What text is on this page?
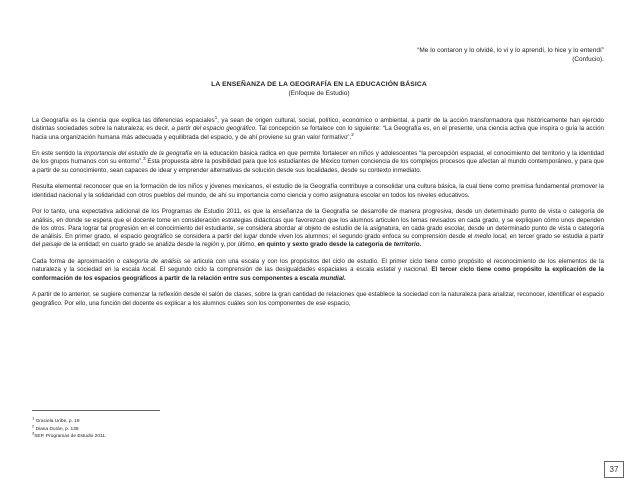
“Me lo contaron y lo olvidé, lo vi y lo aprendí, lo hice y lo entendí”
(Confucio).
LA ENSEÑANZA DE LA GEOGRAFÍA EN LA EDUCACIÓN BÁSICA
(Enfoque de Estudio)

La Geografía es la ciencia que explica las diferencias espaciales$^1$, ya sean de origen cultural, social, político, económico o ambiental, a partir de la acción transformadora que históricamente han ejercido distintas sociedades sobre la naturaleza; es decir, a partir del espacio geográfico. Tal concepción se fortalece con lo siguiente: “La Geografía es, en el presente, una ciencia activa que inspira o guía la acción hacia una organización humana más adecuada y equilibrada del espacio, y de ahí proviene su gran valor formativo”.$^2$

En este sentido la importancia del estudio de la geografía en la educación básica radica en que permite fortalecer en niños y adolescentes “la percepción espacial, el conocimiento del territorio y la identidad de los grupos humanos con su entorno”.$^3$ Esta propuesta abre la posibilidad para que los estudiantes de México tomen conciencia de los complejos procesos que afectan al mundo contemporáneo, y para que a partir de su conocimiento, sean capaces de idear y emprender alternativas de solución desde sus localidades, desde su contexto inmediato.

Resulta elemental reconocer que en la formación de los niños y jóvenes mexicanos, el estudio de la Geografía contribuye a consolidar una cultura básica, la cual tiene como premisa fundamental promover la identidad nacional y la solidaridad con otros pueblos del mundo, de ahí su importancia como ciencia y como asignatura escolar en todos los niveles educativos.

Por lo tanto, una expectativa adicional de los Programas de Estudio 2011, es que la enseñanza de la Geografía se desarrolle de manera progresiva, desde un determinado punto de vista o categoría de análisis, en donde se espera que el docente tome en consideración estrategias didácticas que favorezcan que los alumnos articulen los temas revisados en cada grado, y se expliquen cómo unos dependen de los otros. Para lograr tal progresión en el conocimiento del estudiante, se considera abordar al objeto de estudio de la asignatura, en cada grado escolar, desde un determinado punto de vista o categoría de análisis. En primer grado, el espacio geográfico se considera a partir del lugar donde viven los alumnos; el segundo grado enfoca su comprensión desde el medio local; en tercer grado se estudia a partir del paisaje de la entidad; en cuarto grado se analiza desde la región y, por último, en quinto y sexto grado desde la categoría de territorio.

Cada forma de aproximación o categoría de análisis se articula con una escala y con los propósitos del ciclo de estudio. El primer ciclo tiene como propósito el reconocimiento de los elementos de la naturaleza y la sociedad en la escala local. El segundo ciclo la comprensión de las desigualdades espaciales a escala estatal y nacional. El tercer ciclo tiene como propósito la explicación de la conformación de los espacios geográficos a partir de la relación entre sus componentes a escala mundial.

A partir de lo anterior, se sugiere comenzar la reflexión desde el salón de clases, sobre la gran cantidad de relaciones que establece la sociedad con la naturaleza para analizar, reconocer, identificar el espacio geográfico. Por ello, una función del docente es explicar a los alumnos cuáles son los componentes de ese espacio,

$^1$ Graciela Uribe, p. 19
$^2$ Diana Durán, p. 138
$^3$SEP, Programas de Estudio 2011.
37
